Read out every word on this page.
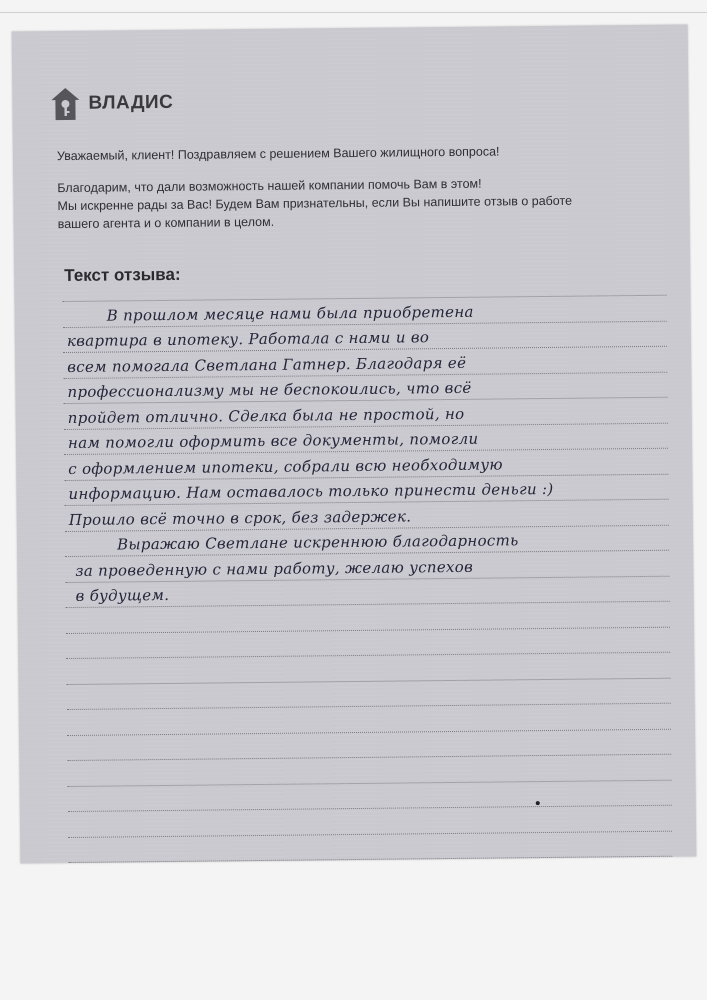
ВЛАДИС
Уважаемый, клиент! Поздравляем с решением Вашего жилищного вопроса!
Благодарим, что дали возможность нашей компании помочь Вам в этом!
Мы искренне рады за Вас! Будем Вам признательны, если Вы напишите отзыв о работе
вашего агента и о компании в целом.
Текст отзыва:
В прошлом месяце нами была приобретена
квартира в ипотеку. Работала с нами и во
всем помогала Светлана Гатнер. Благодаря её
профессионализму мы не беспокоились, что всё
пройдет отлично. Сделка была не простой, но
нам помогли оформить все документы, помогли
с оформлением ипотеки, собрали всю необходимую
информацию. Нам оставалось только принести деньги :)
Прошло всё точно в срок, без задержек.
Выражаю Светлане искреннюю благодарность
за проведенную с нами работу, желаю успехов
в будущем.
